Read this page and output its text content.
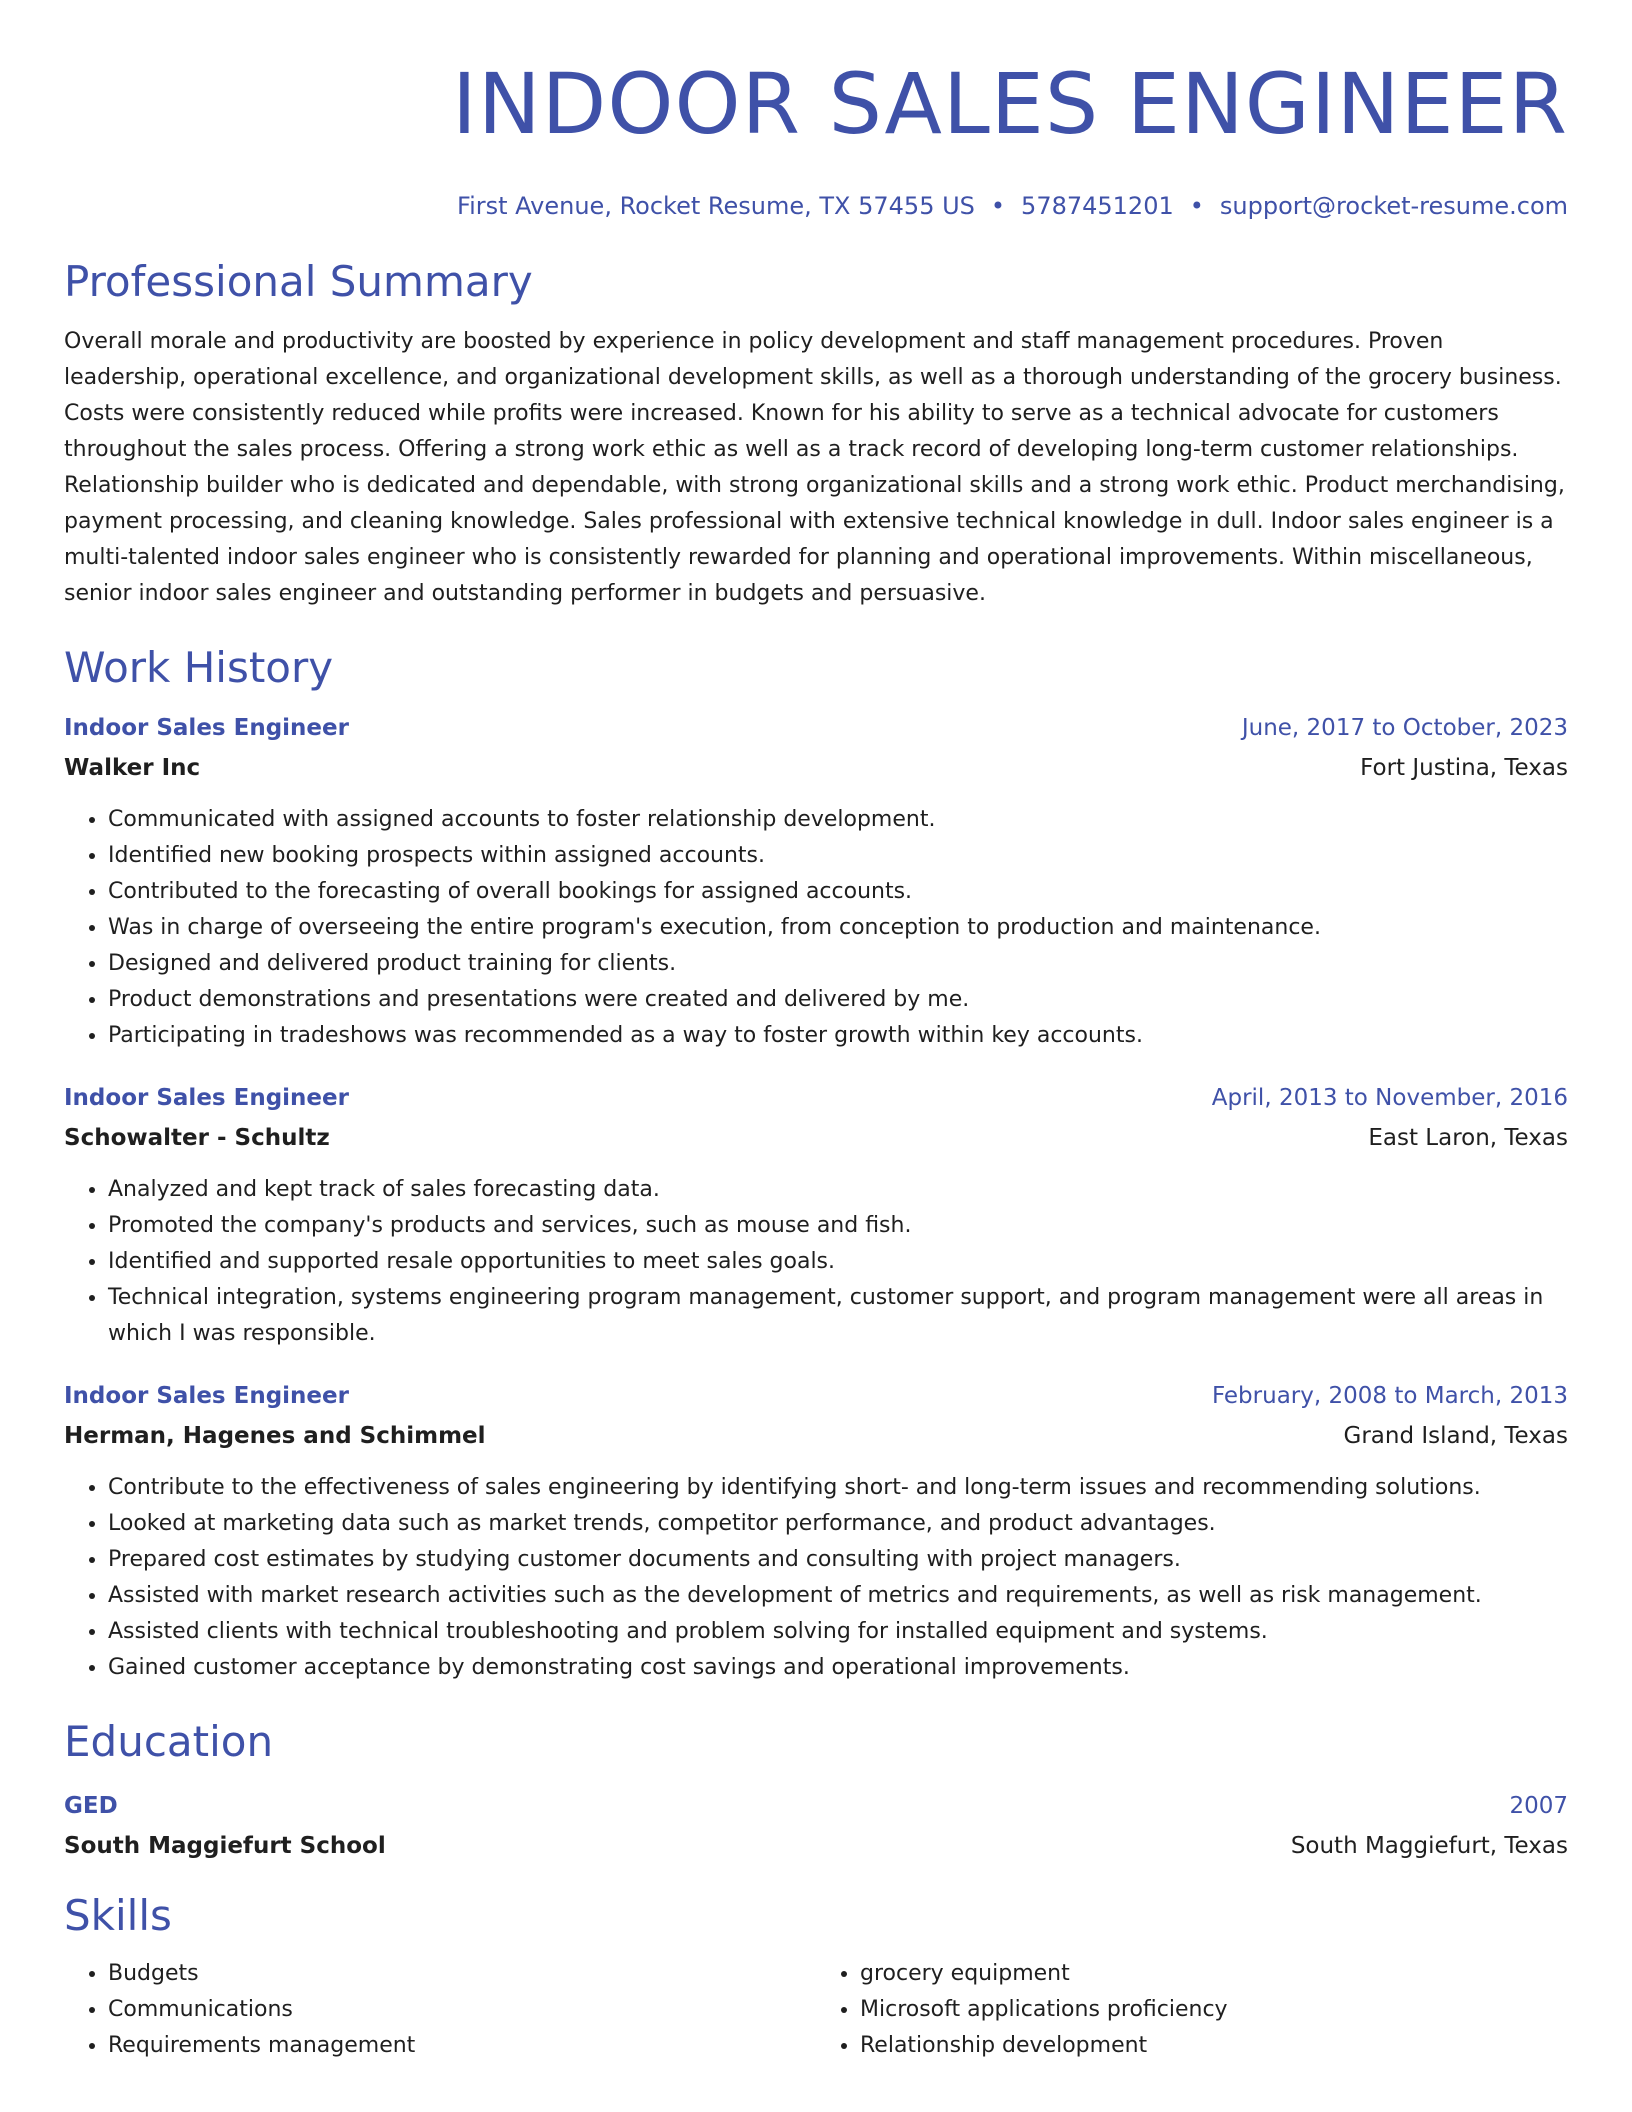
INDOOR SALES ENGINEER
First Avenue, Rocket Resume, TX 57455 US • 5787451201 • support@rocket-resume.com
Professional Summary
Overall morale and productivity are boosted by experience in policy development and staff management procedures. Proven leadership, operational excellence, and organizational development skills, as well as a thorough understanding of the grocery business. Costs were consistently reduced while profits were increased. Known for his ability to serve as a technical advocate for customers throughout the sales process. Offering a strong work ethic as well as a track record of developing long-term customer relationships. Relationship builder who is dedicated and dependable, with strong organizational skills and a strong work ethic. Product merchandising, payment processing, and cleaning knowledge. Sales professional with extensive technical knowledge in dull. Indoor sales engineer is a multi-talented indoor sales engineer who is consistently rewarded for planning and operational improvements. Within miscellaneous, senior indoor sales engineer and outstanding performer in budgets and persuasive.
Work History
Indoor Sales Engineer	June, 2017 to October, 2023
Walker Inc	Fort Justina, Texas
• Communicated with assigned accounts to foster relationship development.
• Identified new booking prospects within assigned accounts.
• Contributed to the forecasting of overall bookings for assigned accounts.
• Was in charge of overseeing the entire program's execution, from conception to production and maintenance.
• Designed and delivered product training for clients.
• Product demonstrations and presentations were created and delivered by me.
• Participating in tradeshows was recommended as a way to foster growth within key accounts.
Indoor Sales Engineer	April, 2013 to November, 2016
Schowalter - Schultz	East Laron, Texas
• Analyzed and kept track of sales forecasting data.
• Promoted the company's products and services, such as mouse and fish.
• Identified and supported resale opportunities to meet sales goals.
• Technical integration, systems engineering program management, customer support, and program management were all areas in which I was responsible.
Indoor Sales Engineer	February, 2008 to March, 2013
Herman, Hagenes and Schimmel	Grand Island, Texas
• Contribute to the effectiveness of sales engineering by identifying short- and long-term issues and recommending solutions.
• Looked at marketing data such as market trends, competitor performance, and product advantages.
• Prepared cost estimates by studying customer documents and consulting with project managers.
• Assisted with market research activities such as the development of metrics and requirements, as well as risk management.
• Assisted clients with technical troubleshooting and problem solving for installed equipment and systems.
• Gained customer acceptance by demonstrating cost savings and operational improvements.
Education
GED	2007
South Maggiefurt School	South Maggiefurt, Texas
Skills
• Budgets
• Communications
• Requirements management
• grocery equipment
• Microsoft applications proficiency
• Relationship development
